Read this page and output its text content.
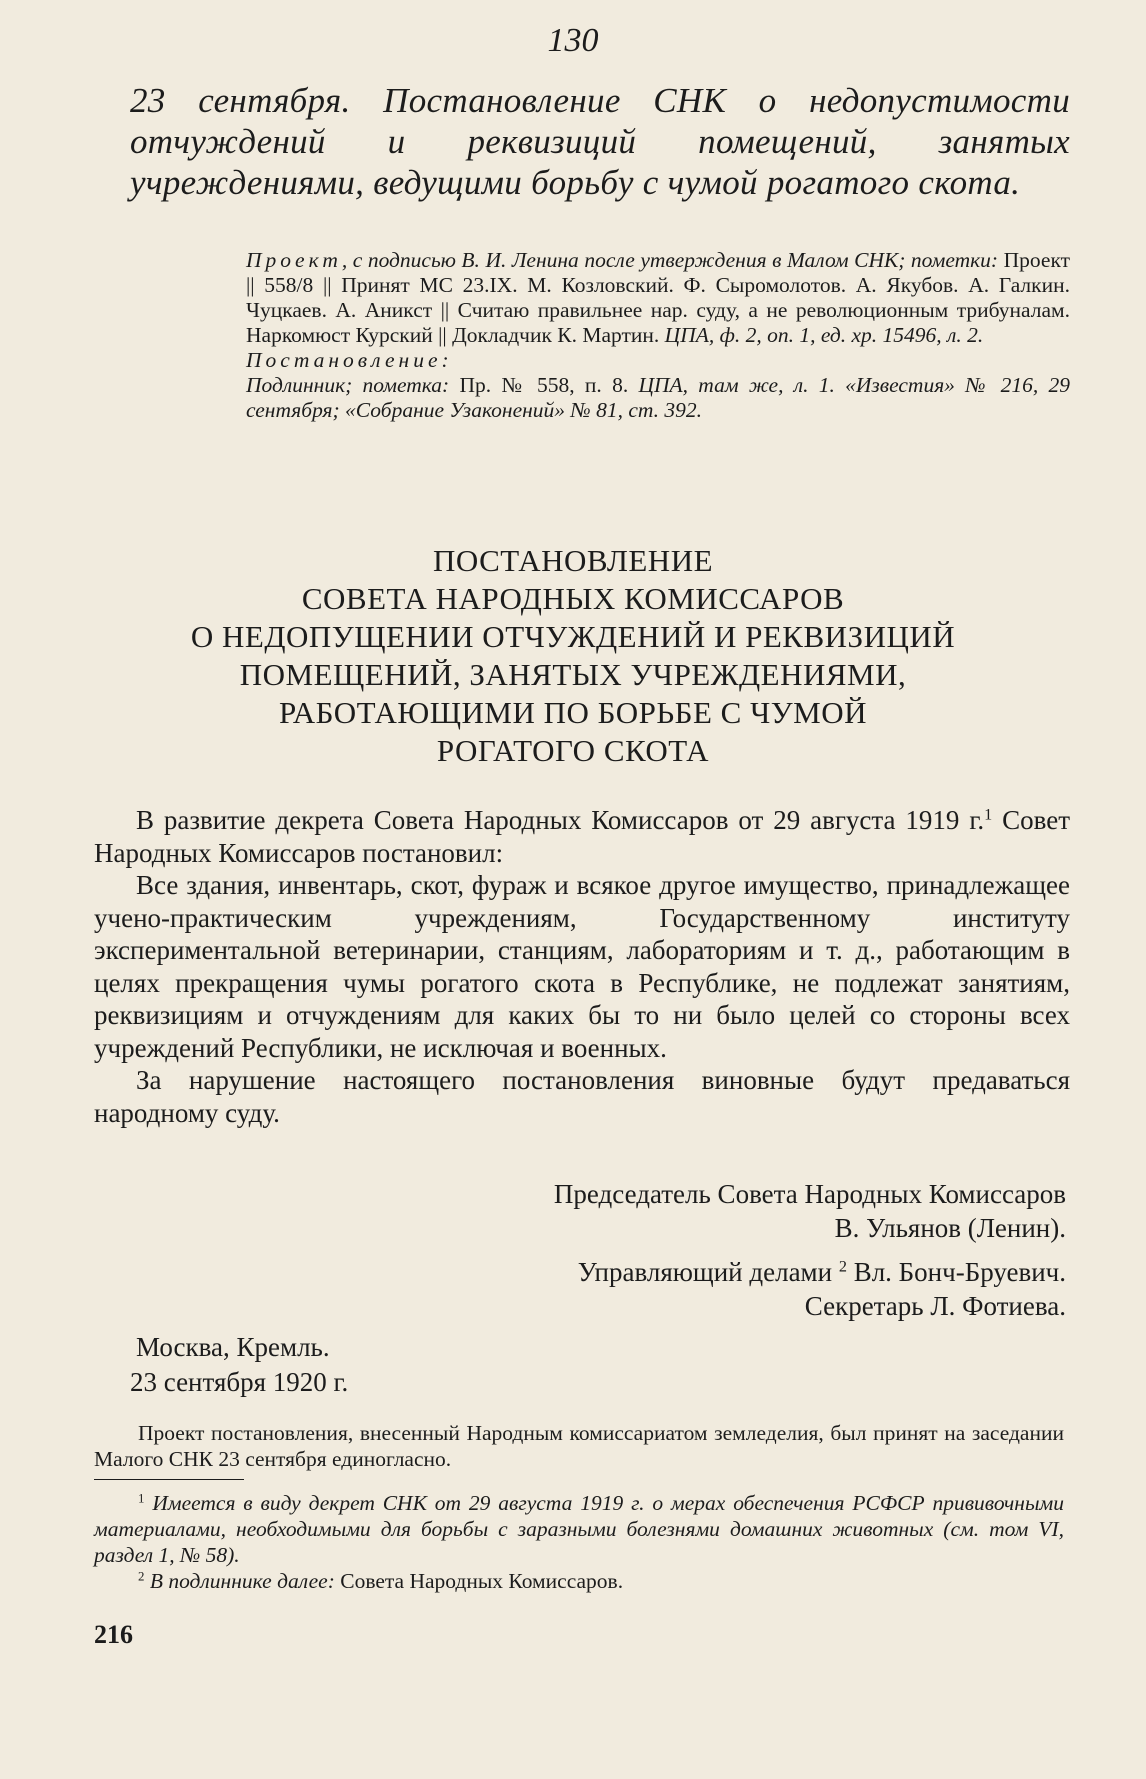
130
23 сентября. Постановление СНК о недопустимости отчуждений и реквизиций помещений, занятых учреждениями, ведущими борьбу с чумой рогатого скота.

Проект, с подписью В. И. Ленина после утверждения в Малом СНК; пометки: Проект || 558/8 || Принят МС 23.IX. М. Козловский. Ф. Сыромолотов. А. Якубов. А. Галкин. Чуцкаев. А. Аникст || Считаю правильнее нар. суду, а не революционным трибуналам. Наркомюст Курский || Докладчик К. Мартин. ЦПА, ф. 2, оп. 1, ед. хр. 15496, л. 2.

Постановление:

Подлинник; пометка: Пр. № 558, п. 8. ЦПА, там же, л. 1. «Известия» № 216, 29 сентября; «Собрание Узаконений» № 81, ст. 392.

ПОСТАНОВЛЕНИЕ
СОВЕТА НАРОДНЫХ КОМИССАРОВ
О НЕДОПУЩЕНИИ ОТЧУЖДЕНИЙ И РЕКВИЗИЦИЙ
ПОМЕЩЕНИЙ, ЗАНЯТЫХ УЧРЕЖДЕНИЯМИ,
РАБОТАЮЩИМИ ПО БОРЬБЕ С ЧУМОЙ
РОГАТОГО СКОТА

В развитие декрета Совета Народных Комиссаров от 29 августа 1919 г.$^1$ Совет Народных Комиссаров постановил:

Все здания, инвентарь, скот, фураж и всякое другое имущество, принадлежащее учено-практическим учреждениям, Государственному институту экспериментальной ветеринарии, станциям, лабораториям и т. д., работающим в целях прекращения чумы рогатого скота в Республике, не подлежат занятиям, реквизициям и отчуждениям для каких бы то ни было целей со стороны всех учреждений Республики, не исключая и военных.

За нарушение настоящего постановления виновные будут предаваться народному суду.

Председатель Совета Народных Комиссаров
В. Ульянов (Ленин).
Управляющий делами $^2$ Вл. Бонч-Бруевич.
Секретарь Л. Фотиева.
Москва, Кремль.
23 сентября 1920 г.

Проект постановления, внесенный Народным комиссариатом земледелия, был принят на заседании Малого СНК 23 сентября единогласно.

$^1$ Имеется в виду декрет СНК от 29 августа 1919 г. о мерах обеспечения РСФСР прививочными материалами, необходимыми для борьбы с заразными болезнями домашних животных (см. том VI, раздел 1, № 58).

$^2$ В подлиннике далее: Совета Народных Комиссаров.

216
